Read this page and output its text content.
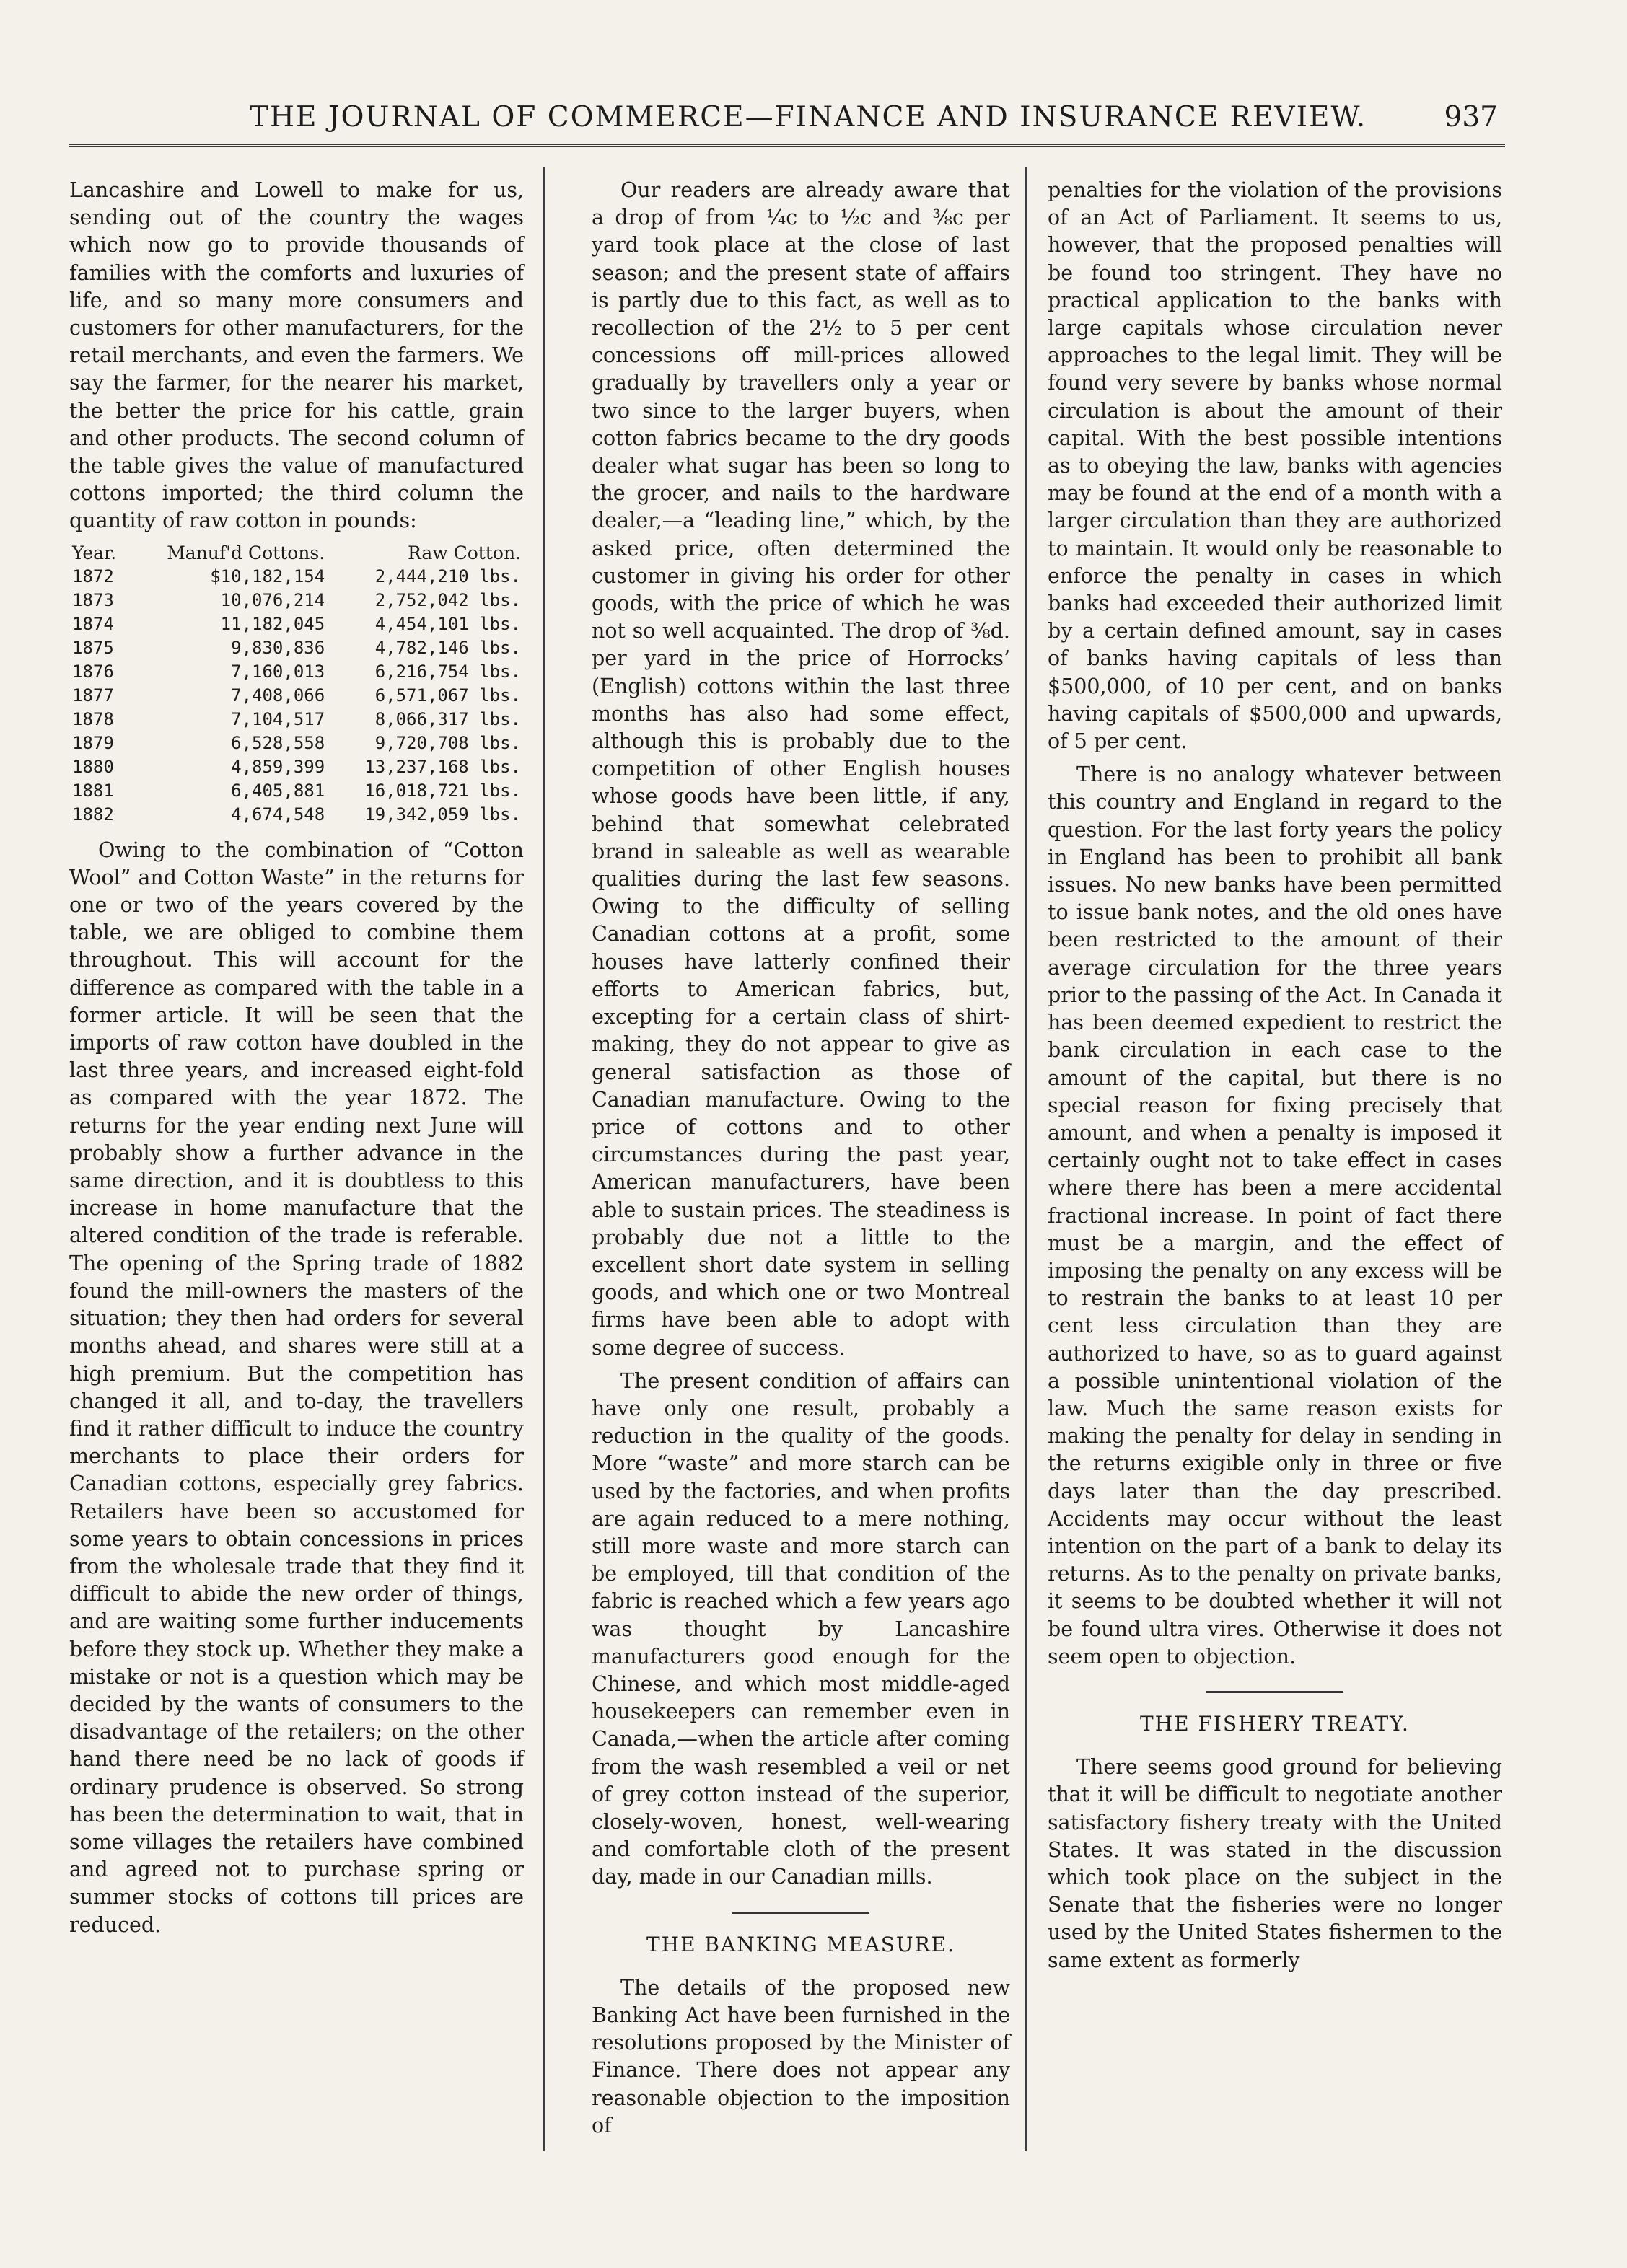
THE JOURNAL OF COMMERCE—FINANCE AND INSURANCE REVIEW.	937

Lancashire and Lowell to make for us, sending out of the country the wages which now go to provide thousands of families with the comforts and luxuries of life, and so many more consumers and customers for other manufacturers, for the retail merchants, and even the farmers. We say the farmer, for the nearer his market, the better the price for his cattle, grain and other products. The second column of the table gives the value of manufactured cottons imported; the third column the quantity of raw cotton in pounds:

Year.	Manuf'd Cottons.	Raw Cotton.
1872	$10,182,154	2,444,210 lbs.
1873	10,076,214	2,752,042 lbs.
1874	11,182,045	4,454,101 lbs.
1875	9,830,836	4,782,146 lbs.
1876	7,160,013	6,216,754 lbs.
1877	7,408,066	6,571,067 lbs.
1878	7,104,517	8,066,317 lbs.
1879	6,528,558	9,720,708 lbs.
1880	4,859,399	13,237,168 lbs.
1881	6,405,881	16,018,721 lbs.
1882	4,674,548	19,342,059 lbs.

Owing to the combination of “Cotton Wool” and Cotton Waste” in the returns for one or two of the years covered by the table, we are obliged to combine them throughout. This will account for the difference as compared with the table in a former article. It will be seen that the imports of raw cotton have doubled in the last three years, and increased eight-fold as compared with the year 1872. The returns for the year ending next June will probably show a further advance in the same direction, and it is doubtless to this increase in home manufacture that the altered condition of the trade is referable. The opening of the Spring trade of 1882 found the mill-owners the masters of the situation; they then had orders for several months ahead, and shares were still at a high premium. But the competition has changed it all, and to-day, the travellers find it rather difficult to induce the country merchants to place their orders for Canadian cottons, especially grey fabrics. Retailers have been so accustomed for some years to obtain concessions in prices from the wholesale trade that they find it difficult to abide the new order of things, and are waiting some further inducements before they stock up. Whether they make a mistake or not is a question which may be decided by the wants of consumers to the disadvantage of the retailers; on the other hand there need be no lack of goods if ordinary prudence is observed. So strong has been the determination to wait, that in some villages the retailers have combined and agreed not to purchase spring or summer stocks of cottons till prices are reduced.

Our readers are already aware that a drop of from ¼c to ½c and ⅜c per yard took place at the close of last season; and the present state of affairs is partly due to this fact, as well as to recollection of the 2½ to 5 per cent concessions off mill-prices allowed gradually by travellers only a year or two since to the larger buyers, when cotton fabrics became to the dry goods dealer what sugar has been so long to the grocer, and nails to the hardware dealer,—a “leading line,” which, by the asked price, often determined the customer in giving his order for other goods, with the price of which he was not so well acquainted. The drop of ⅜d. per yard in the price of Horrocks’ (English) cottons within the last three months has also had some effect, although this is probably due to the competition of other English houses whose goods have been little, if any, behind that somewhat celebrated brand in saleable as well as wearable qualities during the last few seasons. Owing to the difficulty of selling Canadian cottons at a profit, some houses have latterly confined their efforts to American fabrics, but, excepting for a certain class of shirt-making, they do not appear to give as general satisfaction as those of Canadian manufacture. Owing to the price of cottons and to other circumstances during the past year, American manufacturers, have been able to sustain prices. The steadiness is probably due not a little to the excellent short date system in selling goods, and which one or two Montreal firms have been able to adopt with some degree of success.

The present condition of affairs can have only one result, probably a reduction in the quality of the goods. More “waste” and more starch can be used by the factories, and when profits are again reduced to a mere nothing, still more waste and more starch can be employed, till that condition of the fabric is reached which a few years ago was thought by Lancashire manufacturers good enough for the Chinese, and which most middle-aged housekeepers can remember even in Canada,—when the article after coming from the wash resembled a veil or net of grey cotton instead of the superior, closely-woven, honest, well-wearing and comfortable cloth of the present day, made in our Canadian mills.

THE BANKING MEASURE.

The details of the proposed new Banking Act have been furnished in the resolutions proposed by the Minister of Finance. There does not appear any reasonable objection to the imposition of

penalties for the violation of the provisions of an Act of Parliament. It seems to us, however, that the proposed penalties will be found too stringent. They have no practical application to the banks with large capitals whose circulation never approaches to the legal limit. They will be found very severe by banks whose normal circulation is about the amount of their capital. With the best possible intentions as to obeying the law, banks with agencies may be found at the end of a month with a larger circulation than they are authorized to maintain. It would only be reasonable to enforce the penalty in cases in which banks had exceeded their authorized limit by a certain defined amount, say in cases of banks having capitals of less than $500,000, of 10 per cent, and on banks having capitals of $500,000 and upwards, of 5 per cent.

There is no analogy whatever between this country and England in regard to the question. For the last forty years the policy in England has been to prohibit all bank issues. No new banks have been permitted to issue bank notes, and the old ones have been restricted to the amount of their average circulation for the three years prior to the passing of the Act. In Canada it has been deemed expedient to restrict the bank circulation in each case to the amount of the capital, but there is no special reason for fixing precisely that amount, and when a penalty is imposed it certainly ought not to take effect in cases where there has been a mere accidental fractional increase. In point of fact there must be a margin, and the effect of imposing the penalty on any excess will be to restrain the banks to at least 10 per cent less circulation than they are authorized to have, so as to guard against a possible unintentional violation of the law. Much the same reason exists for making the penalty for delay in sending in the returns exigible only in three or five days later than the day prescribed. Accidents may occur without the least intention on the part of a bank to delay its returns. As to the penalty on private banks, it seems to be doubted whether it will not be found ultra vires. Otherwise it does not seem open to objection.

THE FISHERY TREATY.

There seems good ground for believing that it will be difficult to negotiate another satisfactory fishery treaty with the United States. It was stated in the discussion which took place on the subject in the Senate that the fisheries were no longer used by the United States fishermen to the same extent as formerly
